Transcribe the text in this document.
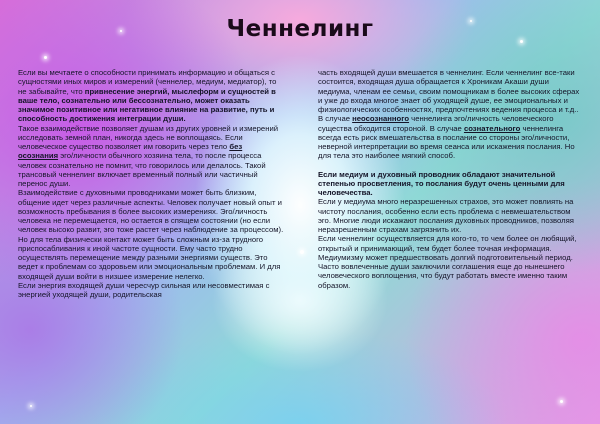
Ченнелинг

Если вы мечтаете о способности принимать информацию и общаться с сущностями иных миров и измерений (ченнелер, медиум, медиатор), то не забывайте, что привнесение энергий, мыслеформ и сущностей в ваше тело, сознательно или бессознательно, может оказать значимое позитивное или негативное влияние на развитие, путь и способность достижения интеграции души.

Такое взаимодействие позволяет душам из других уровней и измерений исследовать земной план, никогда здесь не воплощаясь. Если человеческое существо позволяет им говорить через тело без осознания эго/личности обычного хозяина тела, то после процесса человек сознательно не помнит, что говорилось или делалось. Такой трансовый ченнелинг включает временный полный или частичный перенос души.

Взаимодействие с духовными проводниками может быть близким, общение идет через различные аспекты. Человек получает новый опыт и возможность пребывания в более высоких измерениях. Эго/личность человека не перемещается, но остается в спящем состоянии (но если человек высоко развит, эго тоже растет через наблюдение за процессом).

Но для тела физически контакт может быть сложным из-за трудного приспосабливания к иной частоте сущности. Ему часто трудно осуществлять перемещение между разными энергиями существ. Это ведет к проблемам со здоровьем или эмоциональным проблемам. И для входящей души войти в низшее измерение нелегко.

Если энергия входящей души чересчур сильная или несовместимая с энергией уходящей души, родительская

часть входящей души вмешается в ченнелинг. Если ченнелинг все-таки состоится, входящая душа обращается к Хроникам Акаши души медиума, членам ее семьи, своим помощникам в более высоких сферах и уже до входа многое знает об уходящей душе, ее эмоциональных и физиологических особенностях, предпочтениях ведения процесса и т.д..

В случае неосознанного ченнелинга эго/личность человеческого существа обходится стороной. В случае сознательного ченнелинга всегда есть риск вмешательства в послание со стороны эго/личности, неверной интерпретации во время сеанса или искажения послания. Но для тела это наиболее мягкий способ.

Если медиум и духовный проводник обладают значительной степенью просветления, то послания будут очень ценными для человечества.

Если у медиума много неразрешенных страхов, это может повлиять на чистоту послания, особенно если есть проблема с невмешательством эго. Многие люди искажают послания духовных проводников, позволяя неразрешенным страхам загрязнить их.

Если ченнелинг осуществляется для кого-то, то чем более он любящий, открытый и принимающий, тем будет более точная информация.

Медиумизму может предшествовать долгий подготовительный период. Часто вовлеченные души заключили соглашения еще до нынешнего человеческого воплощения, что будут работать вместе именно таким образом.
